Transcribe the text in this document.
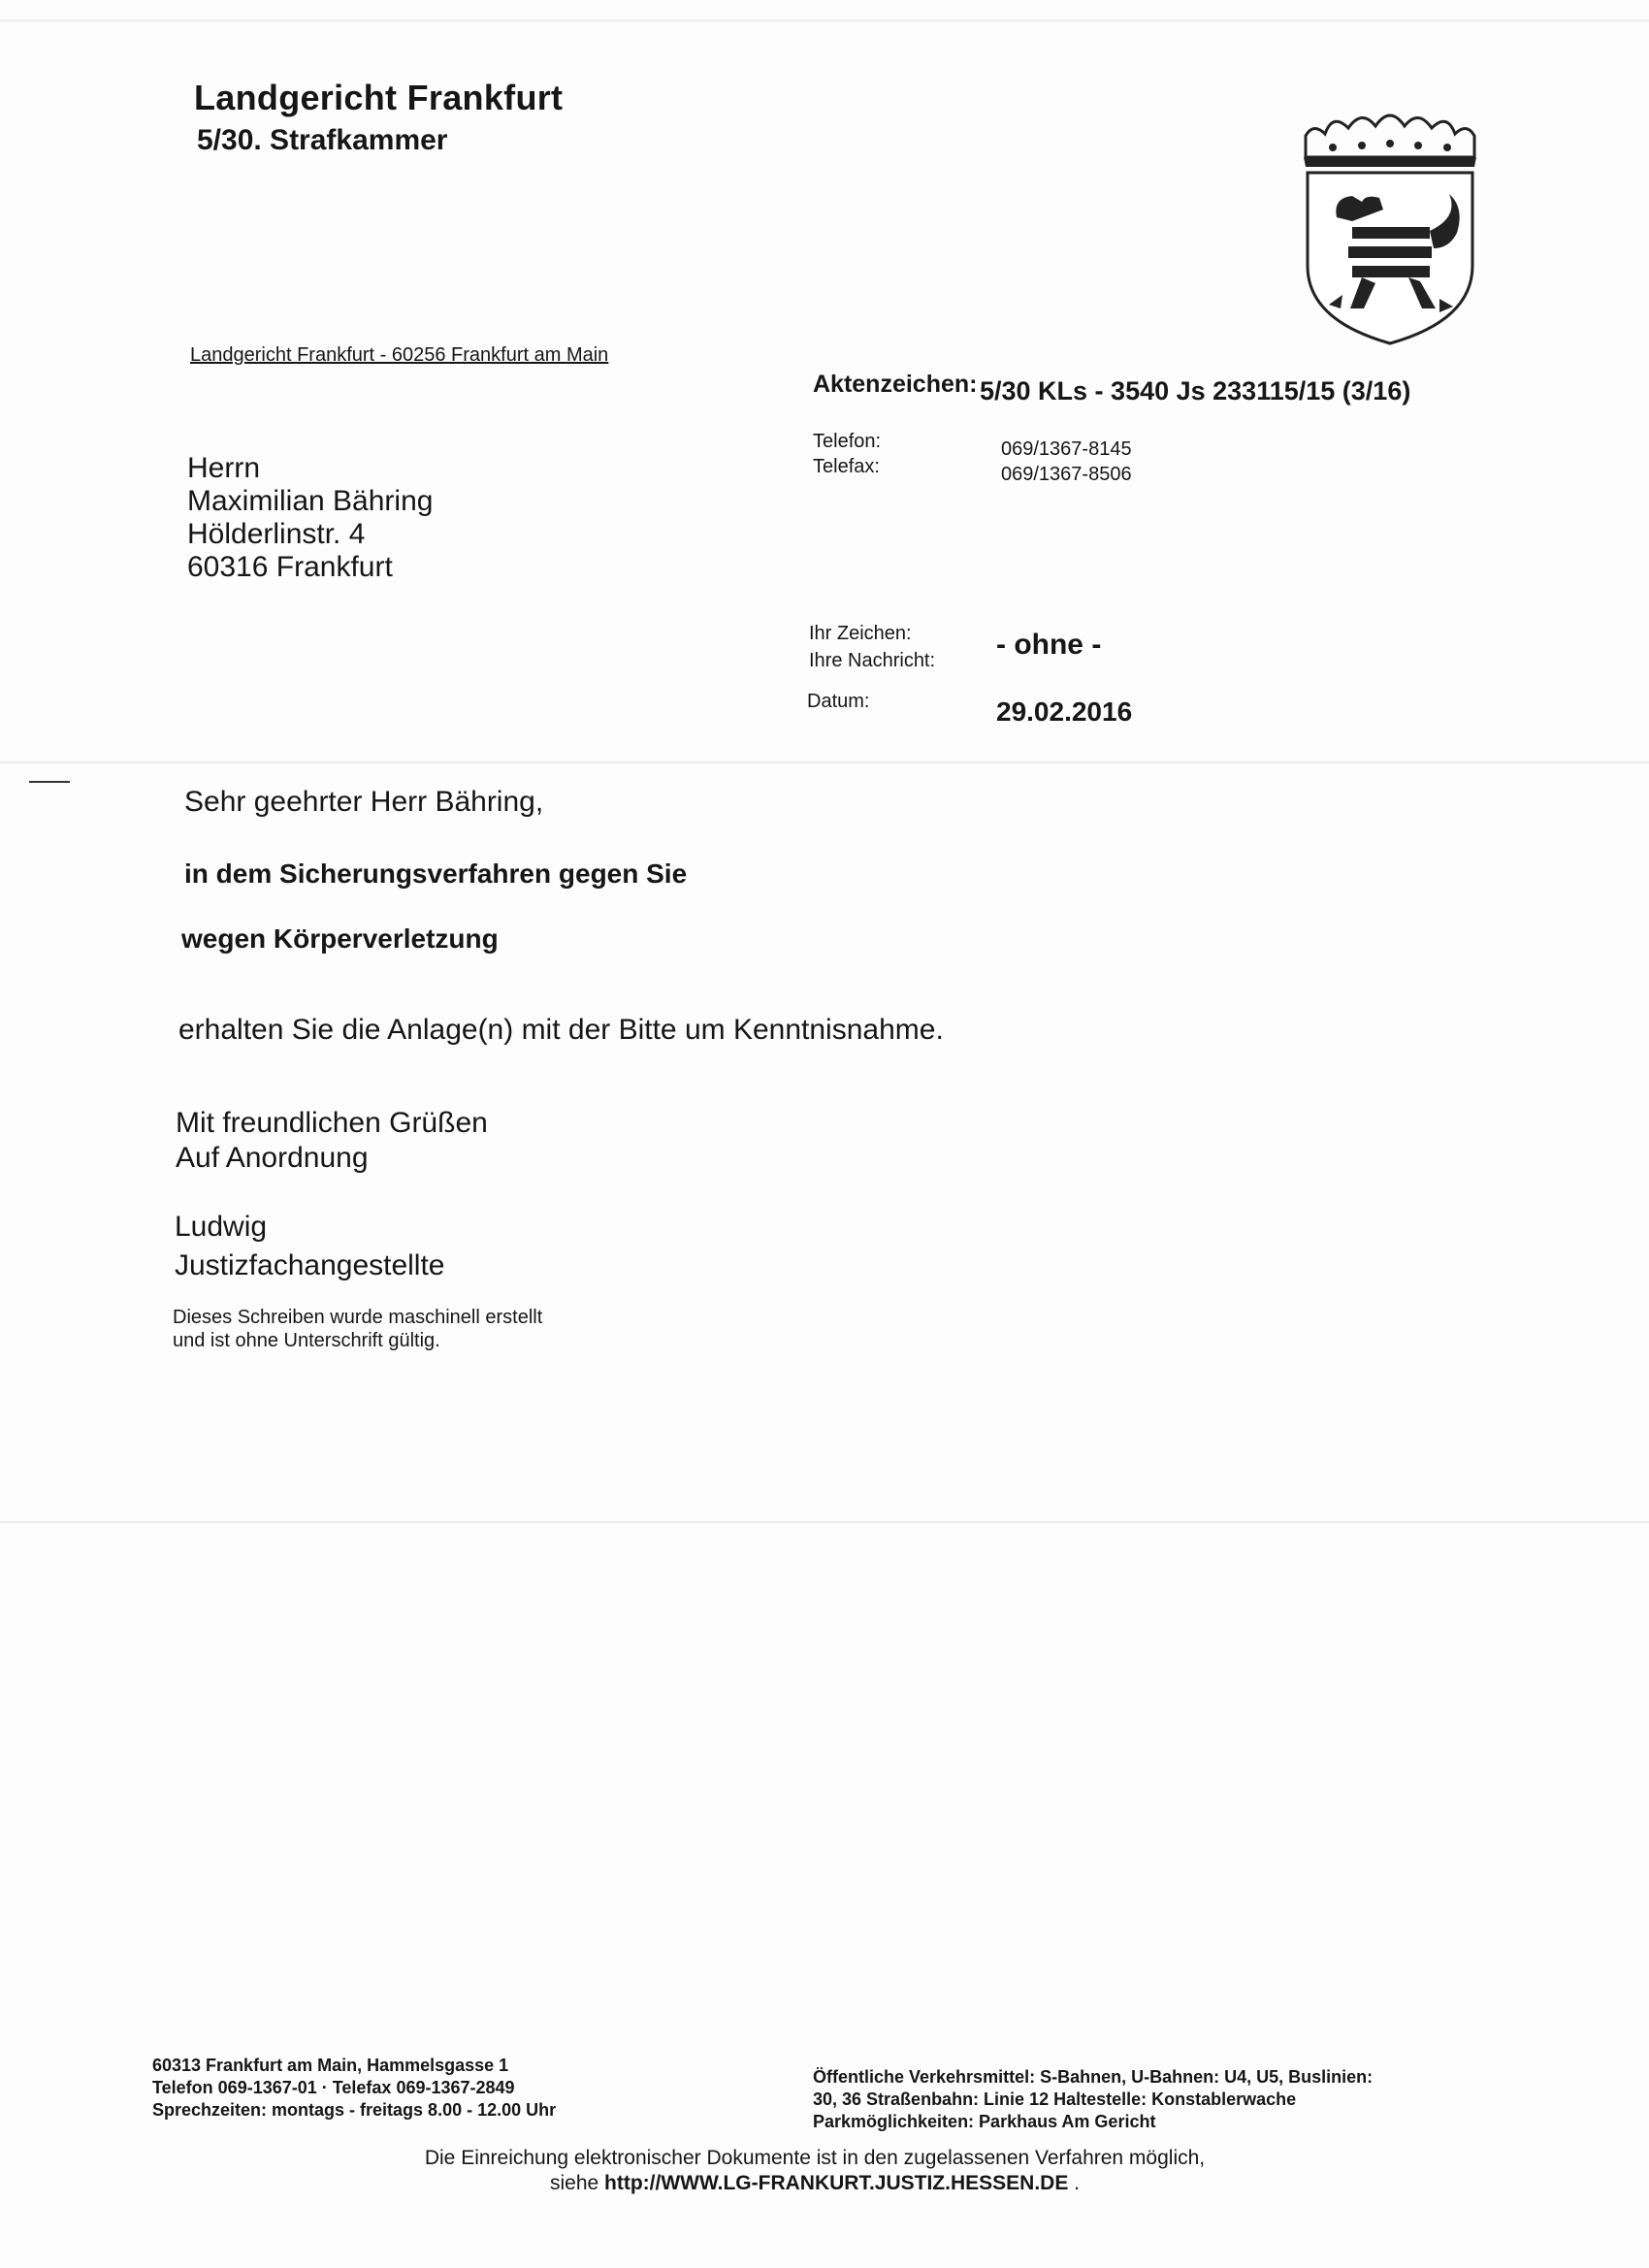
Landgericht Frankfurt
5/30. Strafkammer
Landgericht Frankfurt - 60256 Frankfurt am Main
Herrn
Maximilian Bähring
Hölderlinstr. 4
60316 Frankfurt
Aktenzeichen: 5/30 KLs - 3540 Js 233115/15 (3/16)
Telefon:
Telefax:
069/1367-8145
069/1367-8506
Ihr Zeichen:
Ihre Nachricht: - ohne -
Datum:	29.02.2016
Sehr geehrter Herr Bähring,
in dem Sicherungsverfahren gegen Sie
wegen Körperverletzung
erhalten Sie die Anlage(n) mit der Bitte um Kenntnisnahme.
Mit freundlichen Grüßen
Auf Anordnung
Ludwig
Justizfachangestellte
Dieses Schreiben wurde maschinell erstellt
und ist ohne Unterschrift gültig.
60313 Frankfurt am Main, Hammelsgasse 1
Telefon 069-1367-01 · Telefax 069-1367-2849
Sprechzeiten: montags - freitags 8.00 - 12.00 Uhr
Öffentliche Verkehrsmittel: S-Bahnen, U-Bahnen: U4, U5, Buslinien:
30, 36 Straßenbahn: Linie 12 Haltestelle: Konstablerwache
Parkmöglichkeiten: Parkhaus Am Gericht
Die Einreichung elektronischer Dokumente ist in den zugelassenen Verfahren möglich,
siehe http://WWW.LG-FRANKURT.JUSTIZ.HESSEN.DE .
